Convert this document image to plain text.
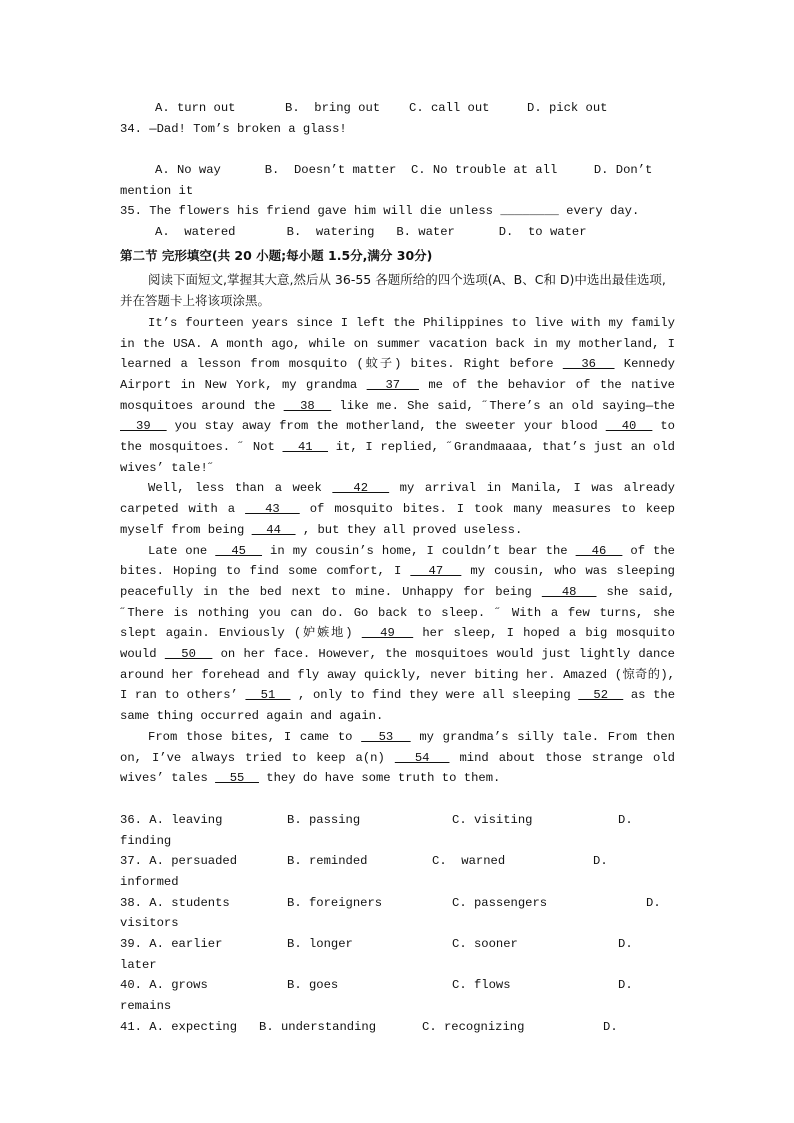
A. turn out	B.  bring out	C. call out	D. pick out
34. —Dad! Tom’s broken a glass!

A. No way      B.  Doesn’t matter  C. No trouble at all     D. Don’t
mention it
35. The flowers his friend gave him will die unless ________ every day.
A.  watered       B.  watering   B. water      D.  to water
第二节 完形填空(共 20 小题;每小题 1.5分,满分 30分)

阅读下面短文,掌握其大意,然后从 36-55 各题所给的四个选项(A、B、C和 D)中选出最佳选项,并在答题卡上将该项涂黑。

It’s fourteen years since I left the Philippines to live with my family in the USA. A month ago, while on summer vacation back in my motherland, I learned a lesson from mosquito (蚊子) bites. Right before   36   Kennedy Airport in New York, my grandma   37   me of the behavior of the native mosquitoes around the   38   like me. She said, ˝There’s an old saying—the   39   you stay away from the motherland, the sweeter your blood   40   to the mosquitoes. ˝ Not   41   it, I replied, ˝Grandmaaaa, that’s just an old wives’ tale!˝

Well, less than a week   42   my arrival in Manila, I was already carpeted with a   43   of mosquito bites. I took many measures to keep myself from being   44   , but they all proved useless.

Late one   45   in my cousin’s home, I couldn’t bear the   46   of the bites. Hoping to find some comfort, I   47   my cousin, who was sleeping peacefully in the bed next to mine. Unhappy for being   48   she said, ˝There is nothing you can do. Go back to sleep. ˝ With a few turns, she slept again. Enviously (妒嫉地)   49   her sleep, I hoped a big mosquito would   50   on her face. However, the mosquitoes would just lightly dance around her forehead and fly away quickly, never biting her. Amazed (惊奇的), I ran to others’   51   , only to find they were all sleeping   52   as the same thing occurred again and again.

From those bites, I came to   53   my grandma’s silly tale. From then on, I’ve always tried to keep a(n)   54   mind about those strange old wives’ tales   55   they do have some truth to them.

36. A. leaving	B. passing	C. visiting	D.
finding
37. A. persuaded	B. reminded	C.  warned	D.
informed
38. A. students	B. foreigners	C. passengers	D.
visitors
39. A. earlier	B. longer	C. sooner	D.
later
40. A. grows	B. goes	C. flows	D.
remains
41. A. expecting	B. understanding	C. recognizing	D.
